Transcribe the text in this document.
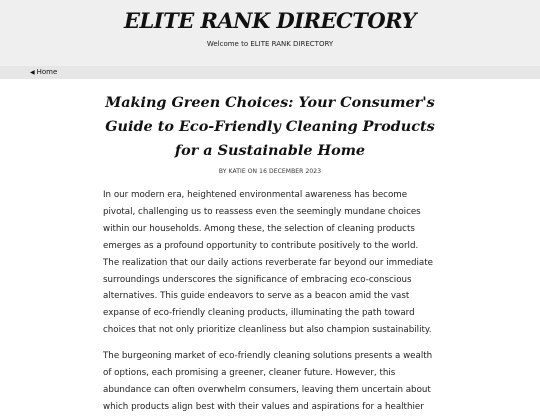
ELITE RANK DIRECTORY
Welcome to ELITE RANK DIRECTORY
◀ Home
Making Green Choices: Your Consumer's
Guide to Eco-Friendly Cleaning Products
for a Sustainable Home
BY KATIE ON 16 DECEMBER 2023

In our modern era, heightened environmental awareness has become pivotal, challenging us to reassess even the seemingly mundane choices within our households. Among these, the selection of cleaning products emerges as a profound opportunity to contribute positively to the world. The realization that our daily actions reverberate far beyond our immediate surroundings underscores the significance of embracing eco-conscious alternatives. This guide endeavors to serve as a beacon amid the vast expanse of eco-friendly cleaning products, illuminating the path toward choices that not only prioritize cleanliness but also champion sustainability.

The burgeoning market of eco-friendly cleaning solutions presents a wealth of options, each promising a greener, cleaner future. However, this abundance can often overwhelm consumers, leaving them uncertain about which products align best with their values and aspirations for a healthier
